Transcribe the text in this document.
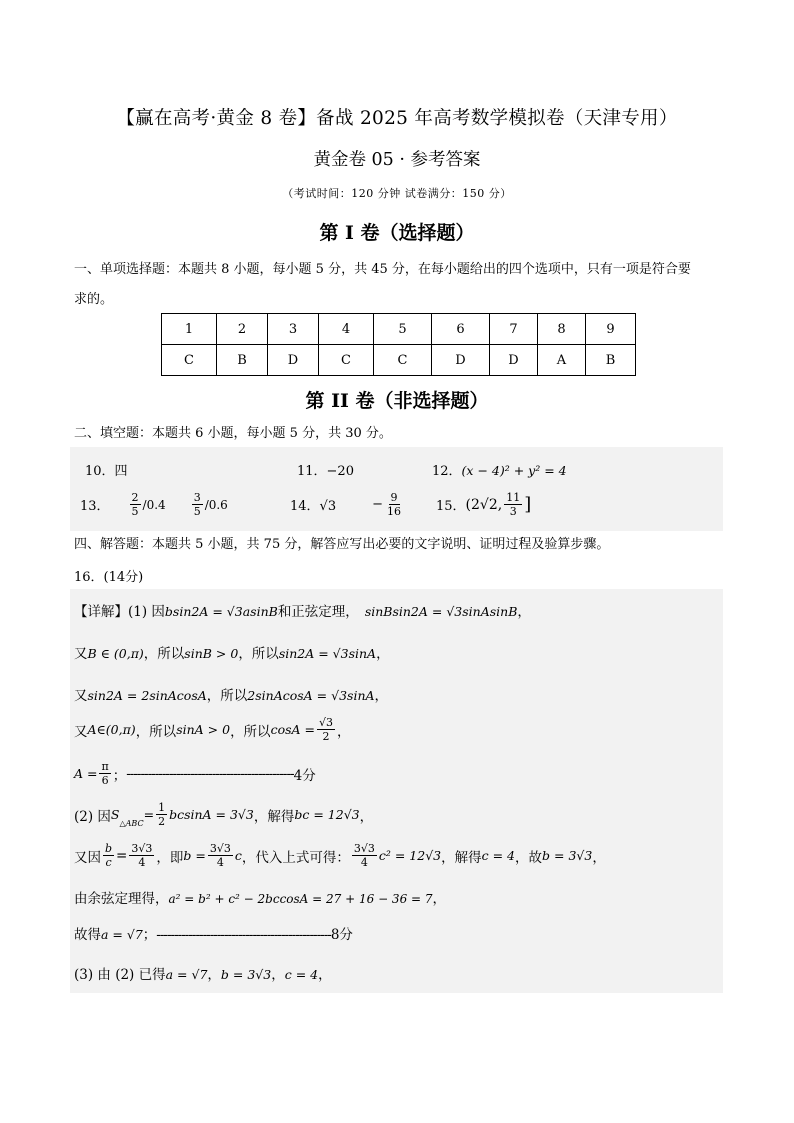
【赢在高考·黄金 8 卷】备战 2025 年高考数学模拟卷（天津专用）
黄金卷 05 · 参考答案
（考试时间：120 分钟 试卷满分：150 分）
第 I 卷（选择题）
一、单项选择题：本题共 8 小题，每小题 5 分，共 45 分，在每小题给出的四个选项中，只有一项是符合要
求的。
1	2	3	4	5	6	7	8	9
C	B	D	C	C	D	D	A	B
第 II 卷（非选择题）
二、填空题：本题共 6 小题，每小题 5 分，共 30 分。
10．四	11．−20	12．(x − 4)² + y² = 4
13． $\frac{2}{5} /0.4 \frac{3}{5} /0.6$	14．√3	− $\frac{9}{16}$	15． (2√2, $\frac{11}{3}$ ]
四、解答题：本题共 5 小题，共 75 分，解答应写出必要的文字说明、证明过程及验算步骤。
16．(14分)
【详解】(1) 因bsin2A = √3asinB和正弦定理， sinBsin2A = √3sinAsinB，
又B ∈ (0,π)，所以sinB > 0，所以sin2A = √3sinA，
又sin2A = 2sinAcosA，所以2sinAcosA = √3sinA，
又 A∈(0,π) ，所以 sinA > 0 ，所以 $\cos A = \frac{√3}{2}$ ，
$A = \frac{\pi}{6}$ ； ----------------------------------------------- 4分
(2) 因 S
△ABC
= $\frac{1}{2}$ bcsinA = 3√3 ，解得 bc = 12√3 ，
又因 $\frac{b}{c} = \frac{3√3}{4}$ ，即 $b = \frac{3√3}{4}$ c ，代入上式可得： $\frac{3√3}{4} c^2 = 12√3$ ，解得 c = 4 ，故 b = 3√3 ，
由余弦定理得，a² = b² + c² − 2bccosA = 27 + 16 − 36 = 7，
故得a = √7；-------------------------------------------------8分
(3) 由 (2) 已得a = √7，b = 3√3，c = 4，
